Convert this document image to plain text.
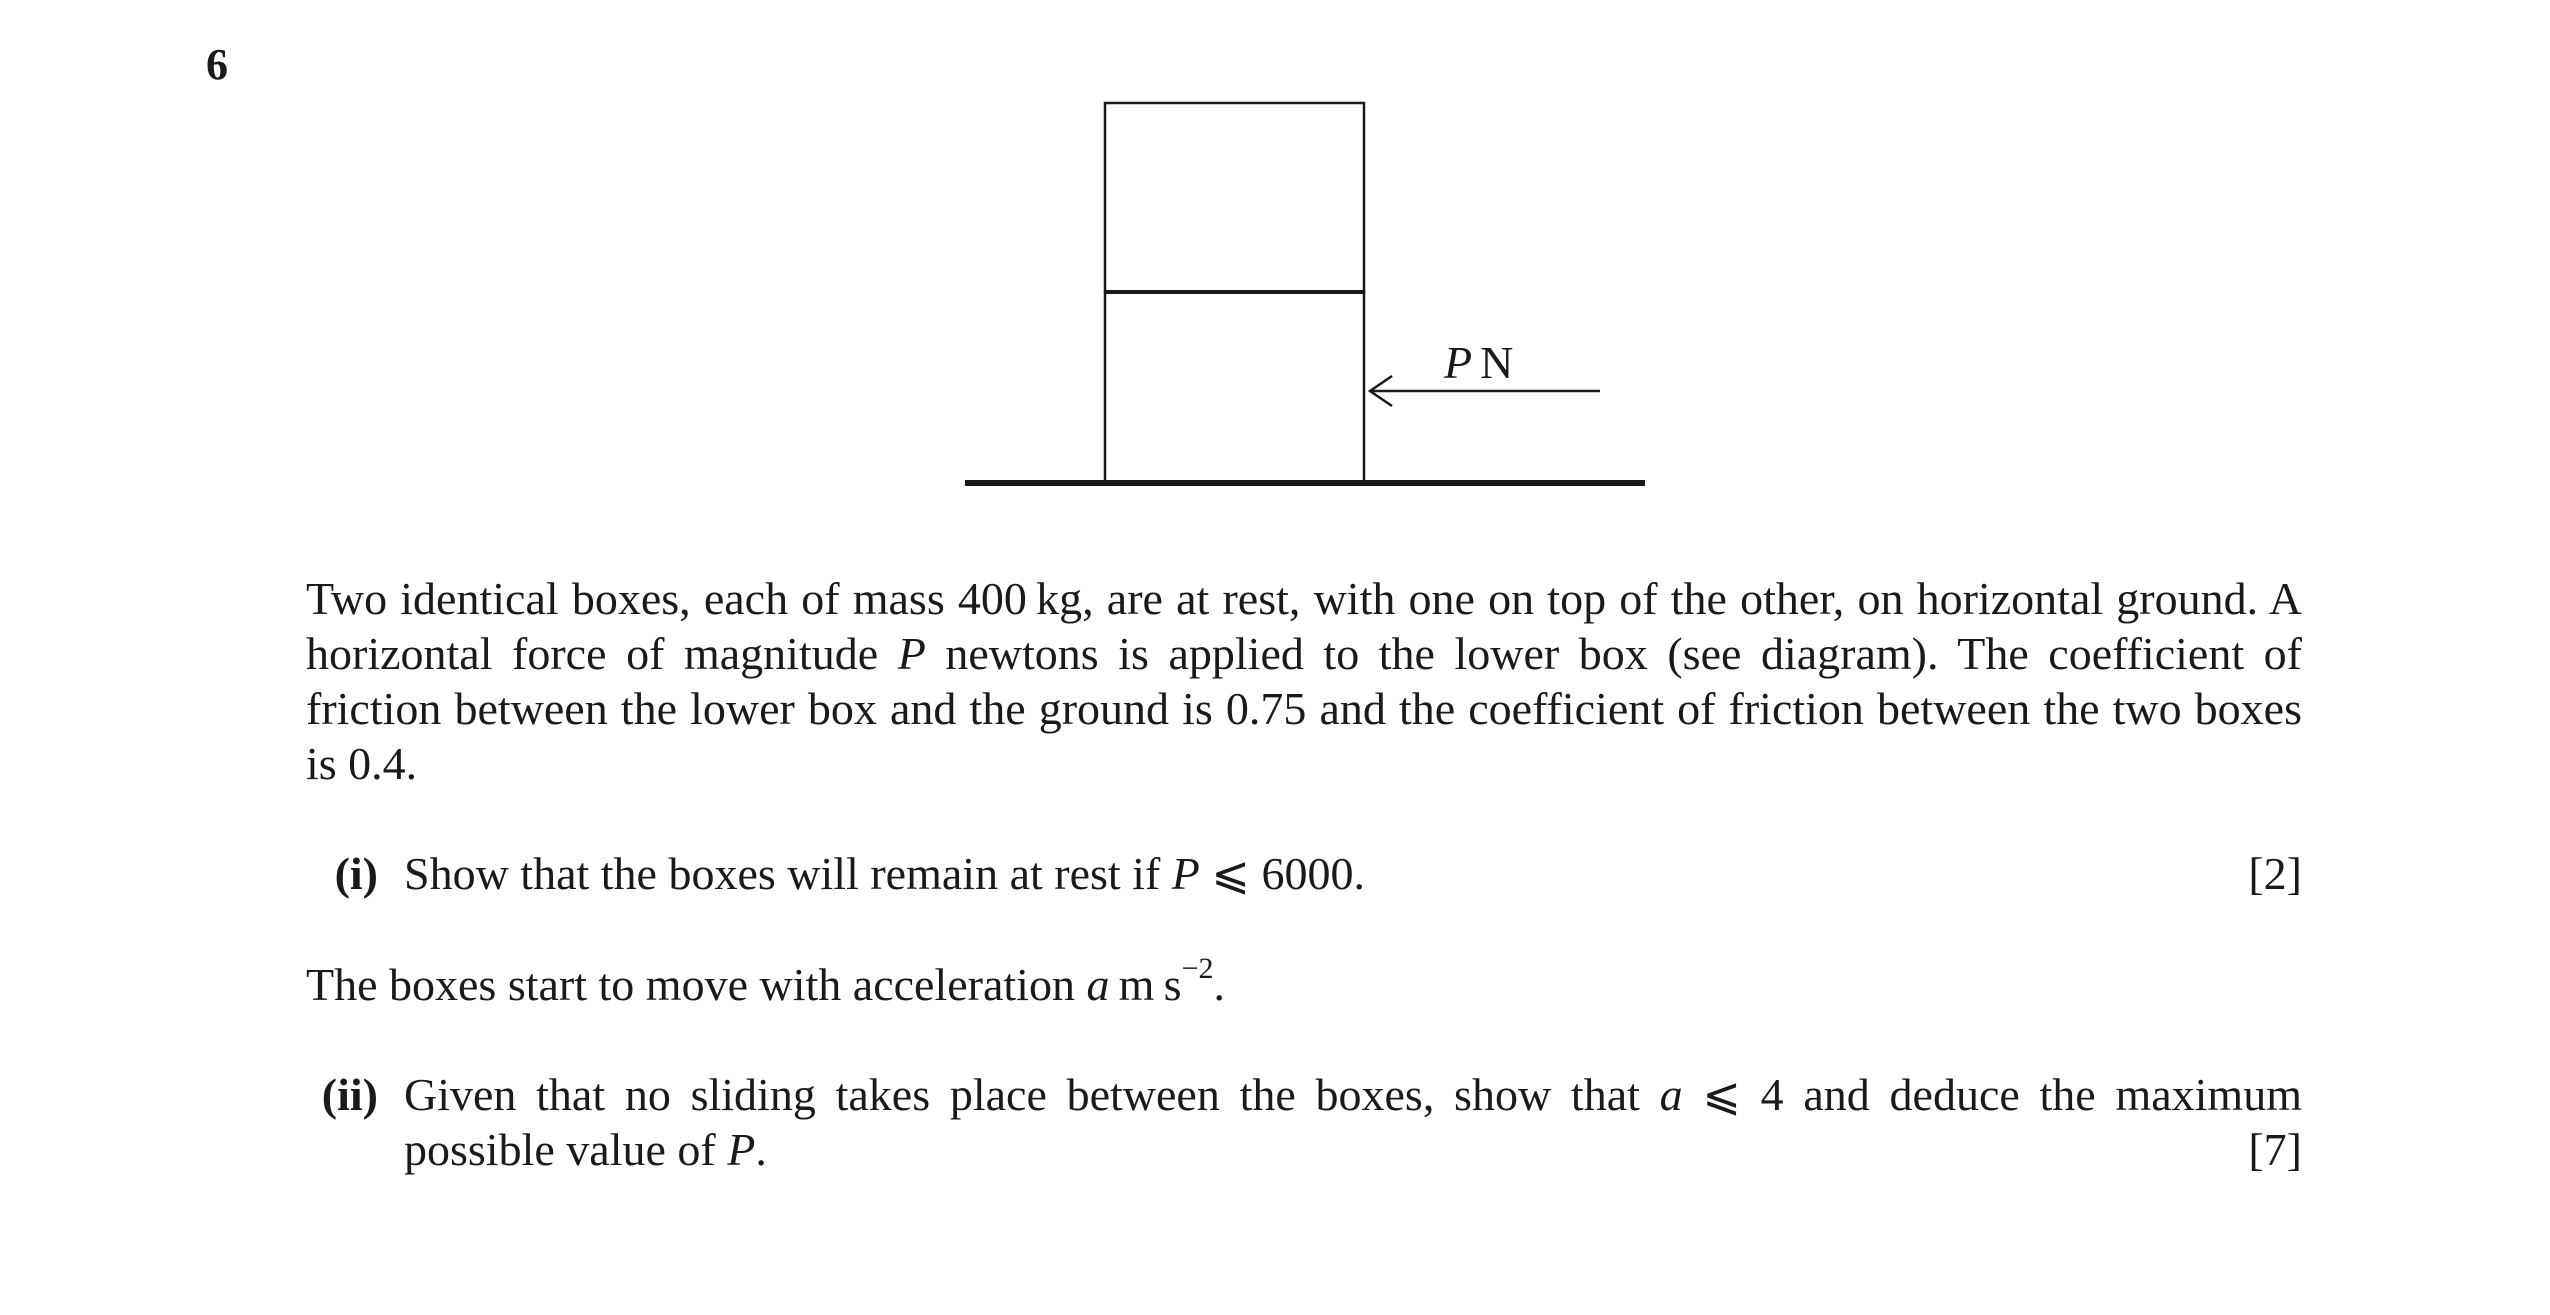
6
P N

Two identical boxes, each of mass 400 kg, are at rest, with one on top of the other, on horizontal ground. A horizontal force of magnitude P newtons is applied to the lower box (see diagram). The coefficient of friction between the lower box and the ground is 0.75 and the coefficient of friction between the two boxes is 0.4.

(i) Show that the boxes will remain at rest if P ⩽ 6000.	[2]

The boxes start to move with acceleration a m $s^{-2}$.

(ii) Given that no sliding takes place between the boxes, show that a ⩽ 4 and deduce the maximum
possible value of P.	[7]
